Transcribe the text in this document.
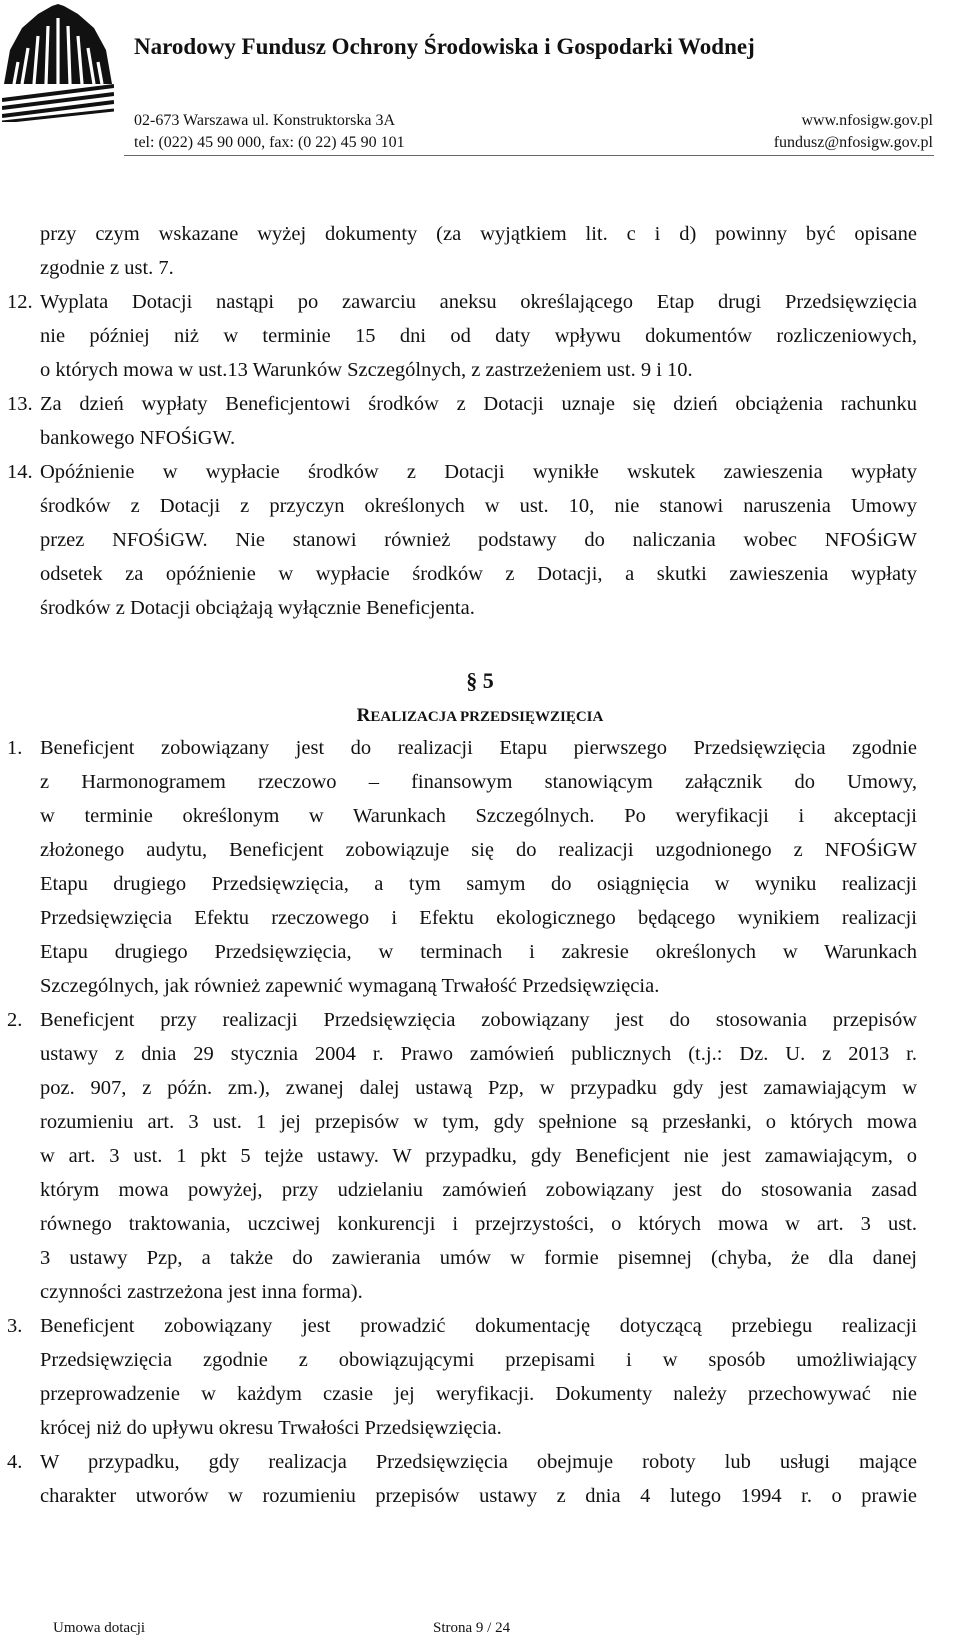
Narodowy Fundusz Ochrony Środowiska i Gospodarki Wodnej
02-673 Warszawa ul. Konstruktorska 3A
tel: (022) 45 90 000, fax: (0 22) 45 90 101
www.nfosigw.gov.pl
fundusz@nfosigw.gov.pl
przy czym wskazane wyżej dokumenty (za wyjątkiem lit. c i d) powinny być opisane
zgodnie z ust. 7.
12. Wyplata Dotacji nastąpi po zawarciu aneksu określającego Etap drugi Przedsięwzięcia
nie później niż w terminie 15 dni od daty wpływu dokumentów rozliczeniowych,
o których mowa w ust.13 Warunków Szczególnych, z zastrzeżeniem ust. 9 i 10.
13. Za dzień wypłaty Beneficjentowi środków z Dotacji uznaje się dzień obciążenia rachunku
bankowego NFOŚiGW.
14. Opóźnienie w wypłacie środków z Dotacji wynikłe wskutek zawieszenia wypłaty
środków z Dotacji z przyczyn określonych w ust. 10, nie stanowi naruszenia Umowy
przez NFOŚiGW. Nie stanowi również podstawy do naliczania wobec NFOŚiGW
odsetek za opóźnienie w wypłacie środków z Dotacji, a skutki zawieszenia wypłaty
środków z Dotacji obciążają wyłącznie Beneficjenta.
§ 5
REALIZACJA PRZEDSIĘWZIĘCIA
1. Beneficjent zobowiązany jest do realizacji Etapu pierwszego Przedsięwzięcia zgodnie
z Harmonogramem rzeczowo – finansowym stanowiącym załącznik do Umowy,
w terminie określonym w Warunkach Szczególnych. Po weryfikacji i akceptacji
złożonego audytu, Beneficjent zobowiązuje się do realizacji uzgodnionego z NFOŚiGW
Etapu drugiego Przedsięwzięcia, a tym samym do osiągnięcia w wyniku realizacji
Przedsięwzięcia Efektu rzeczowego i Efektu ekologicznego będącego wynikiem realizacji
Etapu drugiego Przedsięwzięcia, w terminach i zakresie określonych w Warunkach
Szczególnych, jak również zapewnić wymaganą Trwałość Przedsięwzięcia.
2. Beneficjent przy realizacji Przedsięwzięcia zobowiązany jest do stosowania przepisów
ustawy z dnia 29 stycznia 2004 r. Prawo zamówień publicznych (t.j.: Dz. U. z 2013 r.
poz. 907, z późn. zm.), zwanej dalej ustawą Pzp, w przypadku gdy jest zamawiającym w
rozumieniu art. 3 ust. 1 jej przepisów w tym, gdy spełnione są przesłanki, o których mowa
w art. 3 ust. 1 pkt 5 tejże ustawy. W przypadku, gdy Beneficjent nie jest zamawiającym, o
którym mowa powyżej, przy udzielaniu zamówień zobowiązany jest do stosowania zasad
równego traktowania, uczciwej konkurencji i przejrzystości, o których mowa w art. 3 ust.
3 ustawy Pzp, a także do zawierania umów w formie pisemnej (chyba, że dla danej
czynności zastrzeżona jest inna forma).
3. Beneficjent zobowiązany jest prowadzić dokumentację dotyczącą przebiegu realizacji
Przedsięwzięcia zgodnie z obowiązującymi przepisami i w sposób umożliwiający
przeprowadzenie w każdym czasie jej weryfikacji. Dokumenty należy przechowywać nie
krócej niż do upływu okresu Trwałości Przedsięwzięcia.
4. W przypadku, gdy realizacja Przedsięwzięcia obejmuje roboty lub usługi mające
charakter utworów w rozumieniu przepisów ustawy z dnia 4 lutego 1994 r. o prawie
Umowa dotacji	Strona 9 / 24
